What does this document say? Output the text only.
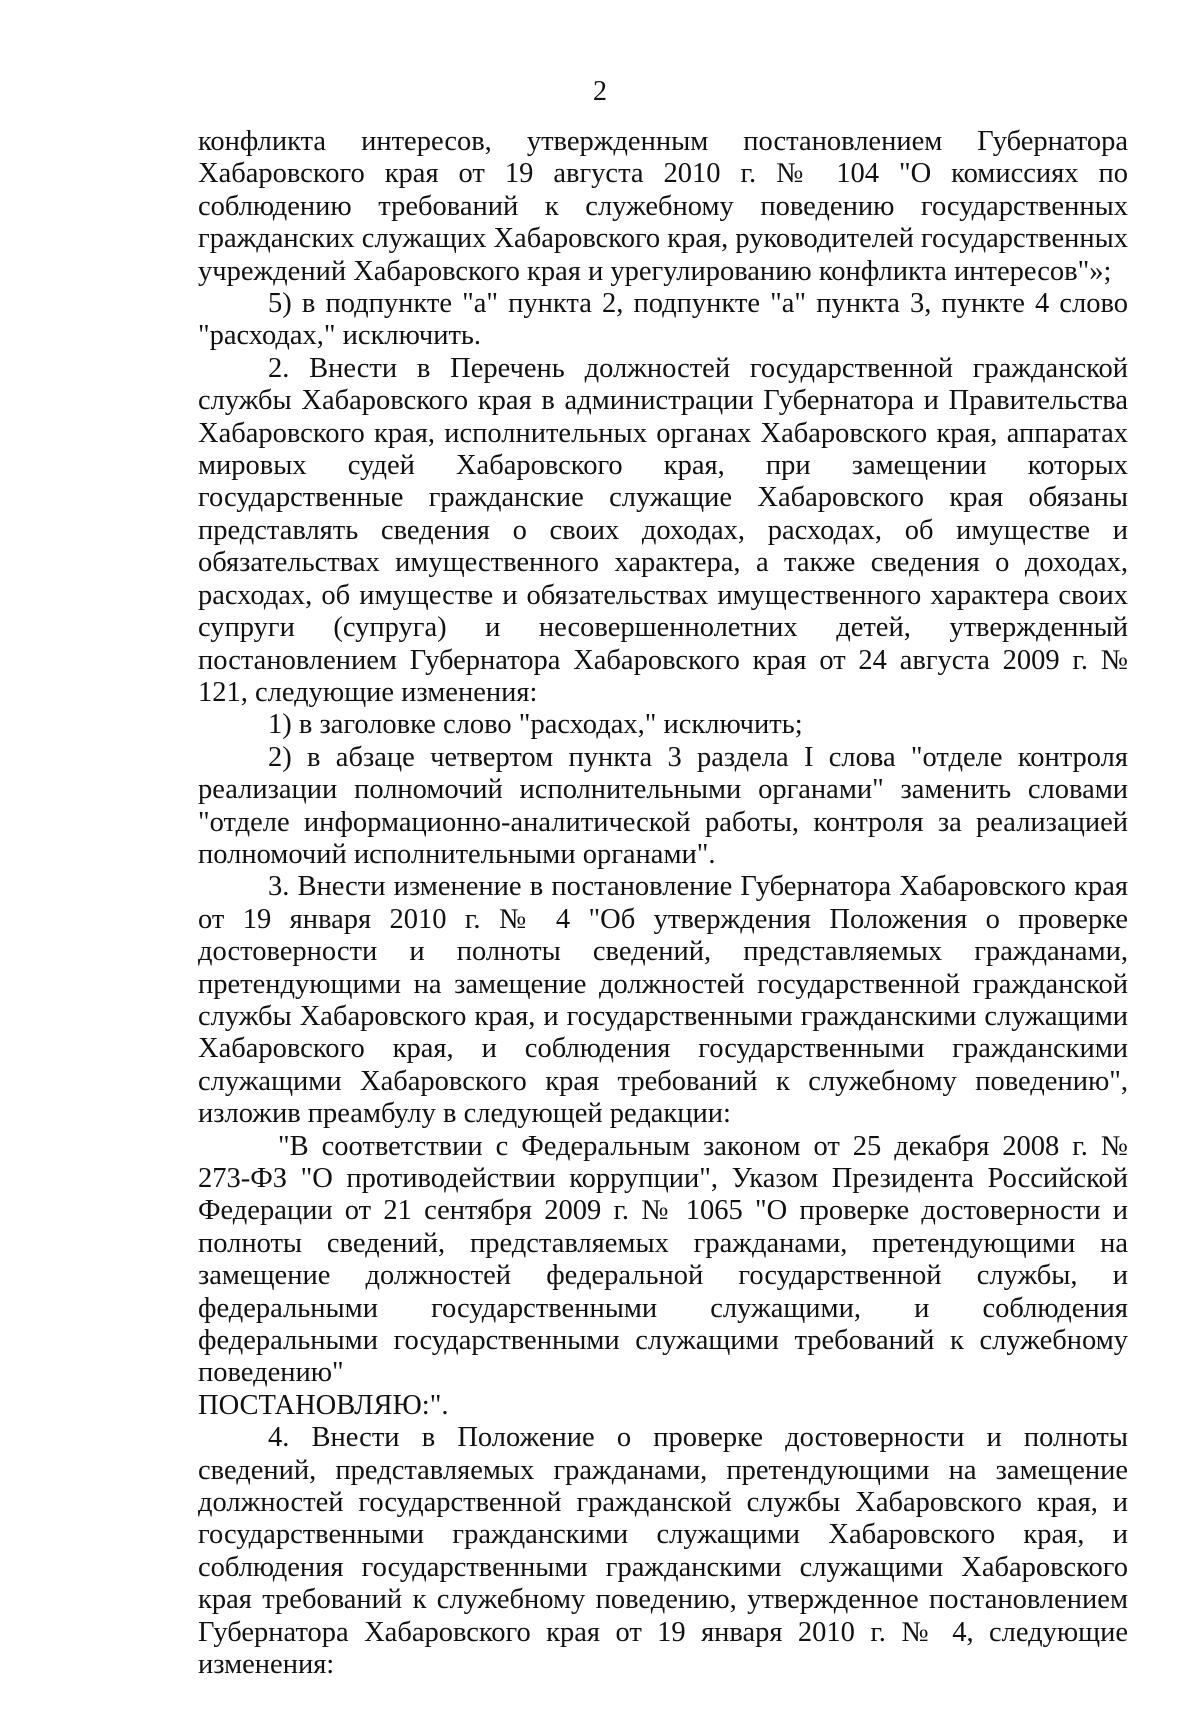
2

конфликта интересов, утвержденным постановлением Губернатора Хабаровского края от 19 августа 2010 г. № 104 "О комиссиях по соблюдению требований к служебному поведению государственных гражданских служащих Хабаровского края, руководителей государственных учреждений Хабаровского края и урегулированию конфликта интересов"»;

5) в подпункте "а" пункта 2, подпункте "а" пункта 3, пункте 4 слово "расходах," исключить.

2. Внести в Перечень должностей государственной гражданской службы Хабаровского края в администрации Губернатора и Правительства Хабаровского края, исполнительных органах Хабаровского края, аппаратах мировых судей Хабаровского края, при замещении которых государственные гражданские служащие Хабаровского края обязаны представлять сведения о своих доходах, расходах, об имуществе и обязательствах имущественного характера, а также сведения о доходах, расходах, об имуществе и обязательствах имущественного характера своих супруги (супруга) и несовершеннолетних детей, утвержденный постановлением Губернатора Хабаровского края от 24 августа 2009 г. № 121, следующие изменения:

1) в заголовке слово "расходах," исключить;

2) в абзаце четвертом пункта 3 раздела I слова "отделе контроля реализации полномочий исполнительными органами" заменить словами "отделе информационно-аналитической работы, контроля за реализацией полномочий исполнительными органами".

3. Внести изменение в постановление Губернатора Хабаровского края от 19 января 2010 г. № 4 "Об утверждения Положения о проверке достоверности и полноты сведений, представляемых гражданами, претендующими на замещение должностей государственной гражданской службы Хабаровского края, и государственными гражданскими служащими Хабаровского края, и соблюдения государственными гражданскими служащими Хабаровского края требований к служебному поведению", изложив преамбулу в следующей редакции:

"В соответствии с Федеральным законом от 25 декабря 2008 г. № 273-ФЗ "О противодействии коррупции", Указом Президента Российской Федерации от 21 сентября 2009 г. № 1065 "О проверке достоверности и полноты сведений, представляемых гражданами, претендующими на замещение должностей федеральной государственной службы, и федеральными государственными служащими, и соблюдения федеральными государственными служащими требований к служебному поведению"

ПОСТАНОВЛЯЮ:".

4. Внести в Положение о проверке достоверности и полноты сведений, представляемых гражданами, претендующими на замещение должностей государственной гражданской службы Хабаровского края, и государственными гражданскими служащими Хабаровского края, и соблюдения государственными гражданскими служащими Хабаровского края требований к служебному поведению, утвержденное постановлением Губернатора Хабаровского края от 19 января 2010 г. № 4, следующие изменения:
